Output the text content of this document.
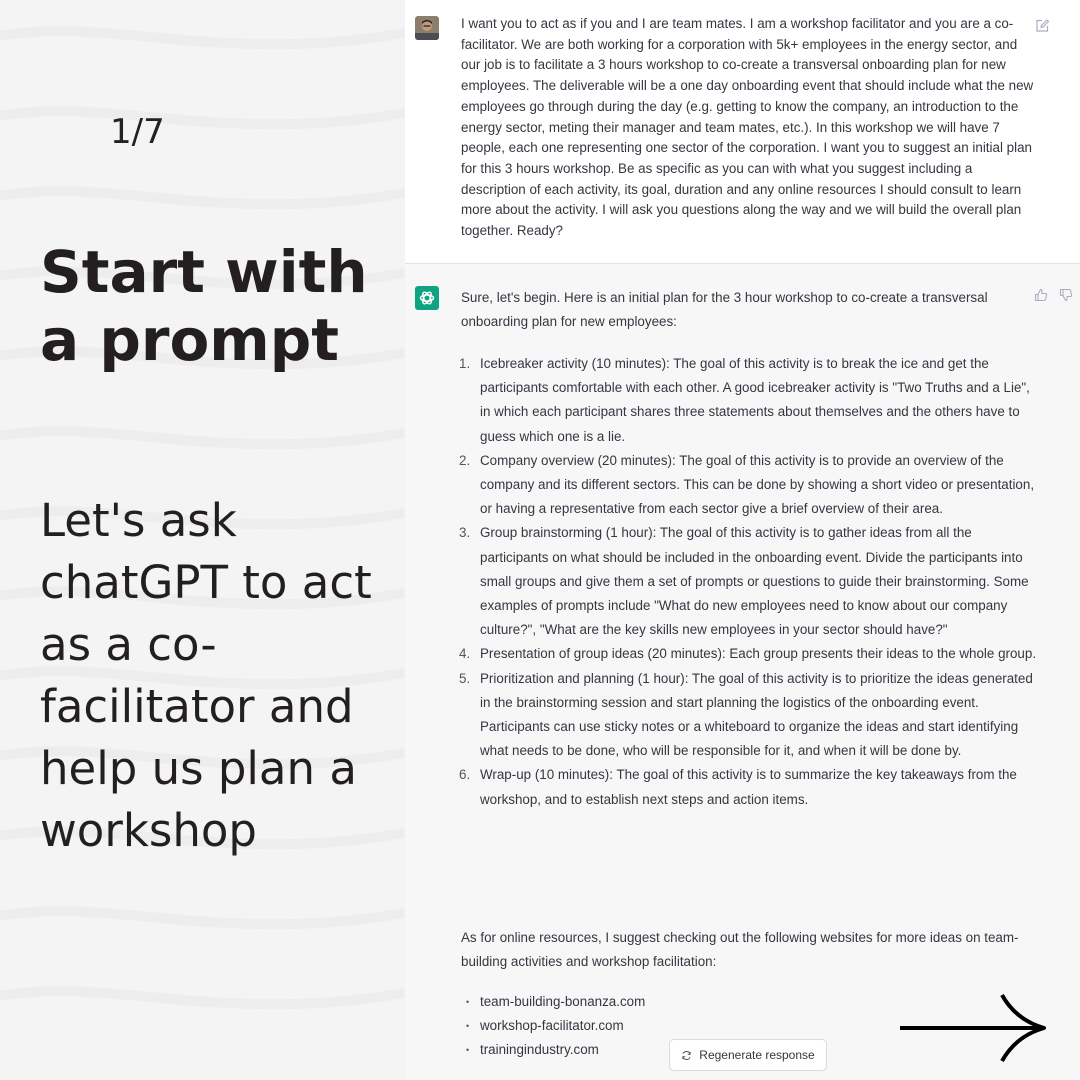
1/7
Start with a prompt

Let's ask chatGPT to act as a co-facilitator and help us plan a workshop

I want you to act as if you and I are team mates. I am a workshop facilitator and you are a co-facilitator. We are both working for a corporation with 5k+ employees in the energy sector, and our job is to facilitate a 3 hours workshop to co-create a transversal onboarding plan for new employees. The deliverable will be a one day onboarding event that should include what the new employees go through during the day (e.g. getting to know the company, an introduction to the energy sector, meting their manager and team mates, etc.). In this workshop we will have 7 people, each one representing one sector of the corporation. I want you to suggest an initial plan for this 3 hours workshop. Be as specific as you can with what you suggest including a description of each activity, its goal, duration and any online resources I should consult to learn more about the activity. I will ask you questions along the way and we will build the overall plan together. Ready?
Sure, let's begin. Here is an initial plan for the 3 hour workshop to co-create a transversal onboarding plan for new employees:
1. Icebreaker activity (10 minutes): The goal of this activity is to break the ice and get the participants comfortable with each other. A good icebreaker activity is "Two Truths and a Lie", in which each participant shares three statements about themselves and the others have to guess which one is a lie.
2. Company overview (20 minutes): The goal of this activity is to provide an overview of the company and its different sectors. This can be done by showing a short video or presentation, or having a representative from each sector give a brief overview of their area.
3. Group brainstorming (1 hour): The goal of this activity is to gather ideas from all the participants on what should be included in the onboarding event. Divide the participants into small groups and give them a set of prompts or questions to guide their brainstorming. Some examples of prompts include "What do new employees need to know about our company culture?", "What are the key skills new employees in your sector should have?"
4. Presentation of group ideas (20 minutes): Each group presents their ideas to the whole group.
5. Prioritization and planning (1 hour): The goal of this activity is to prioritize the ideas generated in the brainstorming session and start planning the logistics of the onboarding event. Participants can use sticky notes or a whiteboard to organize the ideas and start identifying what needs to be done, who will be responsible for it, and when it will be done by.
6. Wrap-up (10 minutes): The goal of this activity is to summarize the key takeaways from the workshop, and to establish next steps and action items.
As for online resources, I suggest checking out the following websites for more ideas on team-building activities and workshop facilitation:
• team-building-bonanza.com
• workshop-facilitator.com
• trainingindustry.com	Regenerate response
